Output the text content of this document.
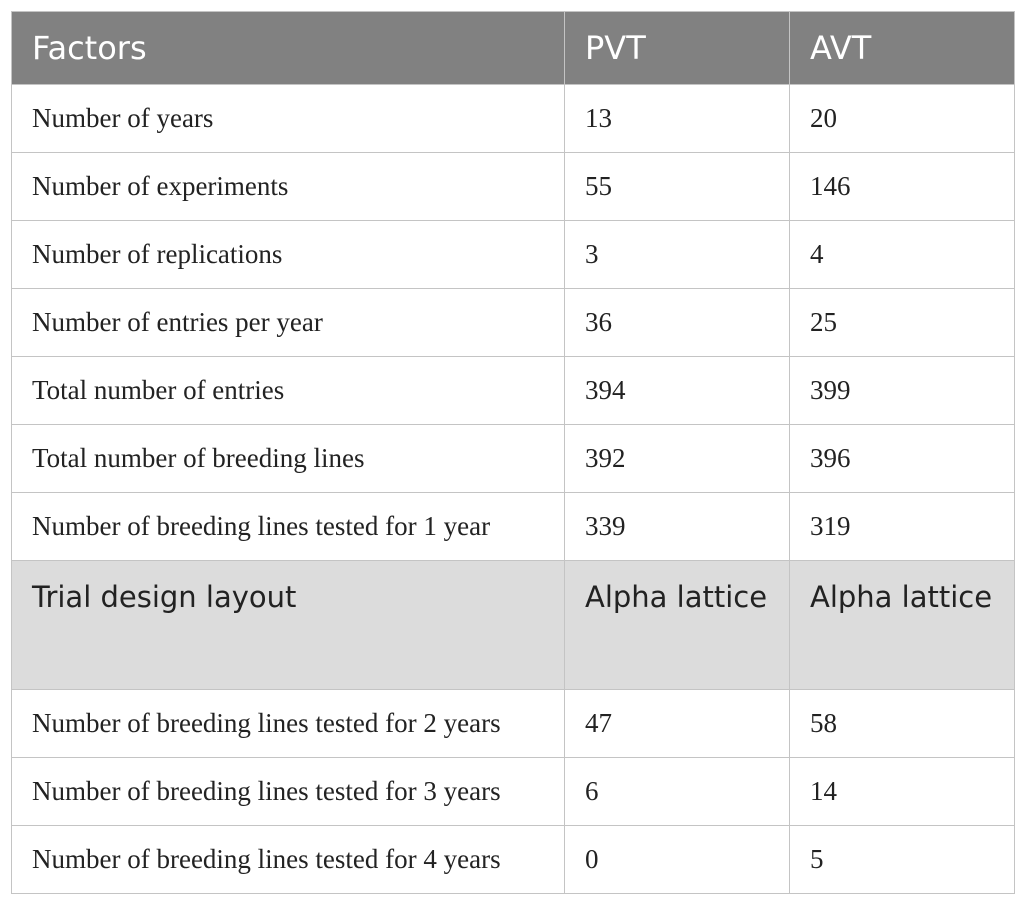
Factors	PVT	AVT
Number of years	13	20
Number of experiments	55	146
Number of replications	3	4
Number of entries per year	36	25
Total number of entries	394	399
Total number of breeding lines	392	396
Number of breeding lines tested for 1 year	339	319
Trial design layout	Alpha lattice	Alpha lattice
Number of breeding lines tested for 2 years	47	58
Number of breeding lines tested for 3 years	6	14
Number of breeding lines tested for 4 years	0	5
